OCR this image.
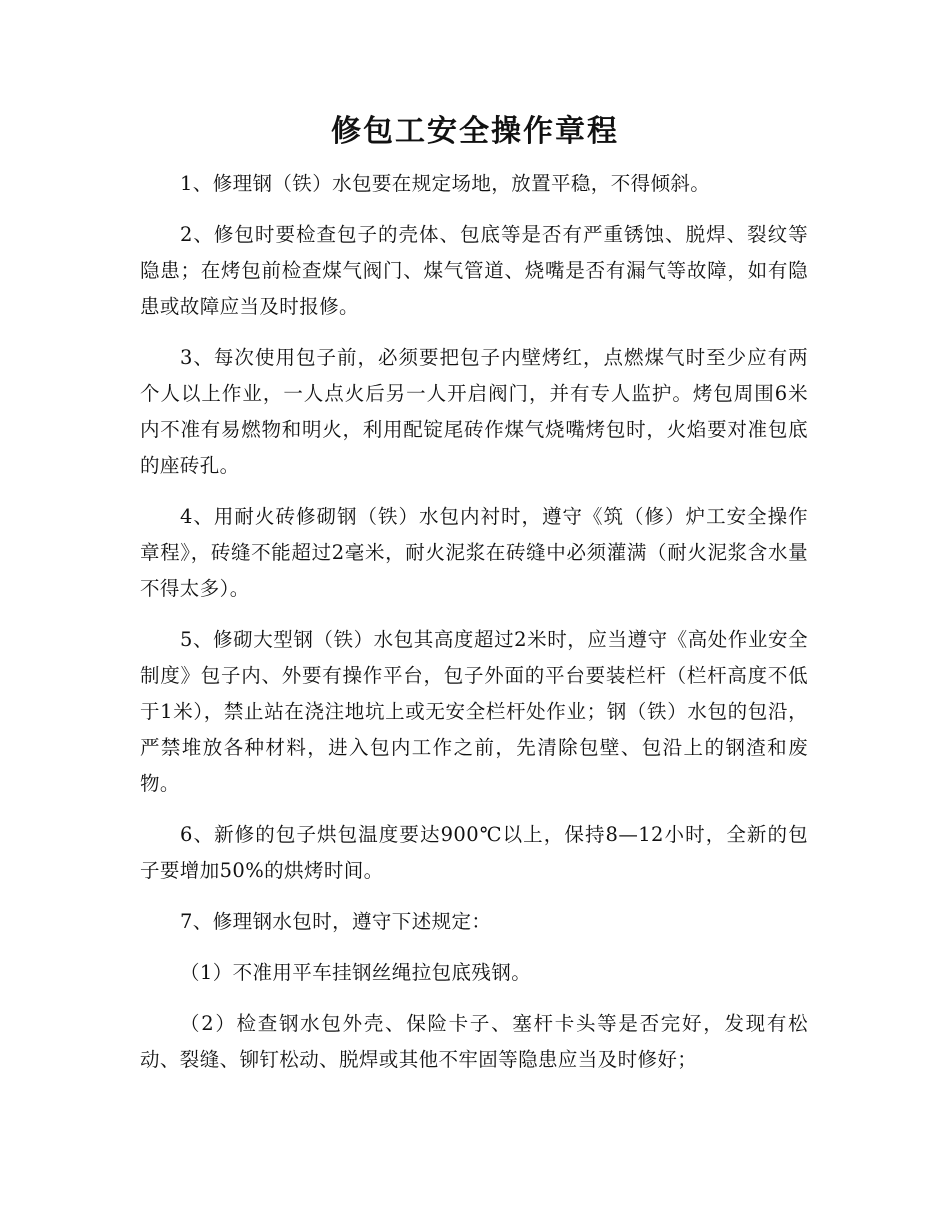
修包工安全操作章程

1、修理钢（铁）水包要在规定场地，放置平稳，不得倾斜。

2、修包时要检查包子的壳体、包底等是否有严重锈蚀、脱焊、裂纹等隐患；在烤包前检查煤气阀门、煤气管道、烧嘴是否有漏气等故障，如有隐患或故障应当及时报修。

3、每次使用包子前，必须要把包子内壁烤红，点燃煤气时至少应有两个人以上作业，一人点火后另一人开启阀门，并有专人监护。烤包周围6米内不准有易燃物和明火，利用配锭尾砖作煤气烧嘴烤包时，火焰要对准包底的座砖孔。

4、用耐火砖修砌钢（铁）水包内衬时，遵守《筑（修）炉工安全操作章程》，砖缝不能超过2毫米，耐火泥浆在砖缝中必须灌满（耐火泥浆含水量不得太多）。

5、修砌大型钢（铁）水包其高度超过2米时，应当遵守《高处作业安全制度》包子内、外要有操作平台，包子外面的平台要装栏杆（栏杆高度不低于1米），禁止站在浇注地坑上或无安全栏杆处作业；钢（铁）水包的包沿，严禁堆放各种材料，进入包内工作之前，先清除包壁、包沿上的钢渣和废物。

6、新修的包子烘包温度要达900℃以上，保持8—12小时，全新的包子要增加50%的烘烤时间。

7、修理钢水包时，遵守下述规定：

（1）不准用平车挂钢丝绳拉包底残钢。

（2）检查钢水包外壳、保险卡子、塞杆卡头等是否完好，发现有松动、裂缝、铆钉松动、脱焊或其他不牢固等隐患应当及时修好；
